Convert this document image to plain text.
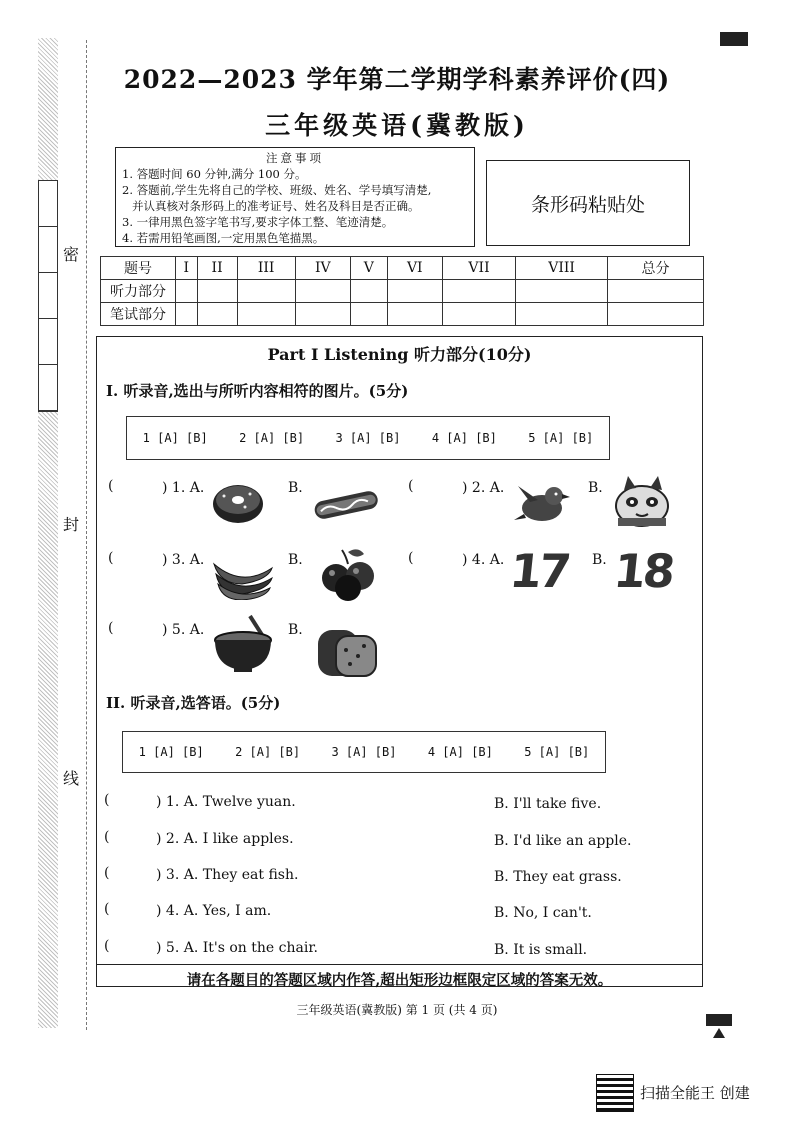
密
封
线
2022—2023 学年第二学期学科素养评价(四)
三年级英语(冀教版)
注意事项
1. 答题时间 60 分钟,满分 100 分。
2. 答题前,学生先将自己的学校、班级、姓名、学号填写清楚,
并认真核对条形码上的准考证号、姓名及科目是否正确。
3. 一律用黑色签字笔书写,要求字体工整、笔迹清楚。
4. 若需用铅笔画图,一定用黑色笔描黑。
条形码粘贴处
题号	I	II	III	IV	V	VI	VII	VIII	总分
听力部分									
笔试部分									
Part I Listening 听力部分(10分)
I. 听录音,选出与所听内容相符的图片。(5分)
1 [A] [B]	2 [A] [B]	3 [A] [B]	4 [A] [B]	5 [A] [B]
(	) 1. A.	B.	(	) 2. A.	B.
(	) 3. A.	B.	(	) 4. A. 17 B. 18
(	) 5. A.	B.
II. 听录音,选答语。(5分)
1 [A] [B]	2 [A] [B]	3 [A] [B]	4 [A] [B]	5 [A] [B]
(	) 1. A. Twelve yuan.	B. I'll take five.
(	) 2. A. I like apples.	B. I'd like an apple.
(	) 3. A. They eat fish.	B. They eat grass.
(	) 4. A. Yes, I am.	B. No, I can't.
(	) 5. A. It's on the chair.	B. It is small.
请在各题目的答题区域内作答,超出矩形边框限定区域的答案无效。
三年级英语(冀教版) 第 1 页 (共 4 页)
扫描全能王 创建
